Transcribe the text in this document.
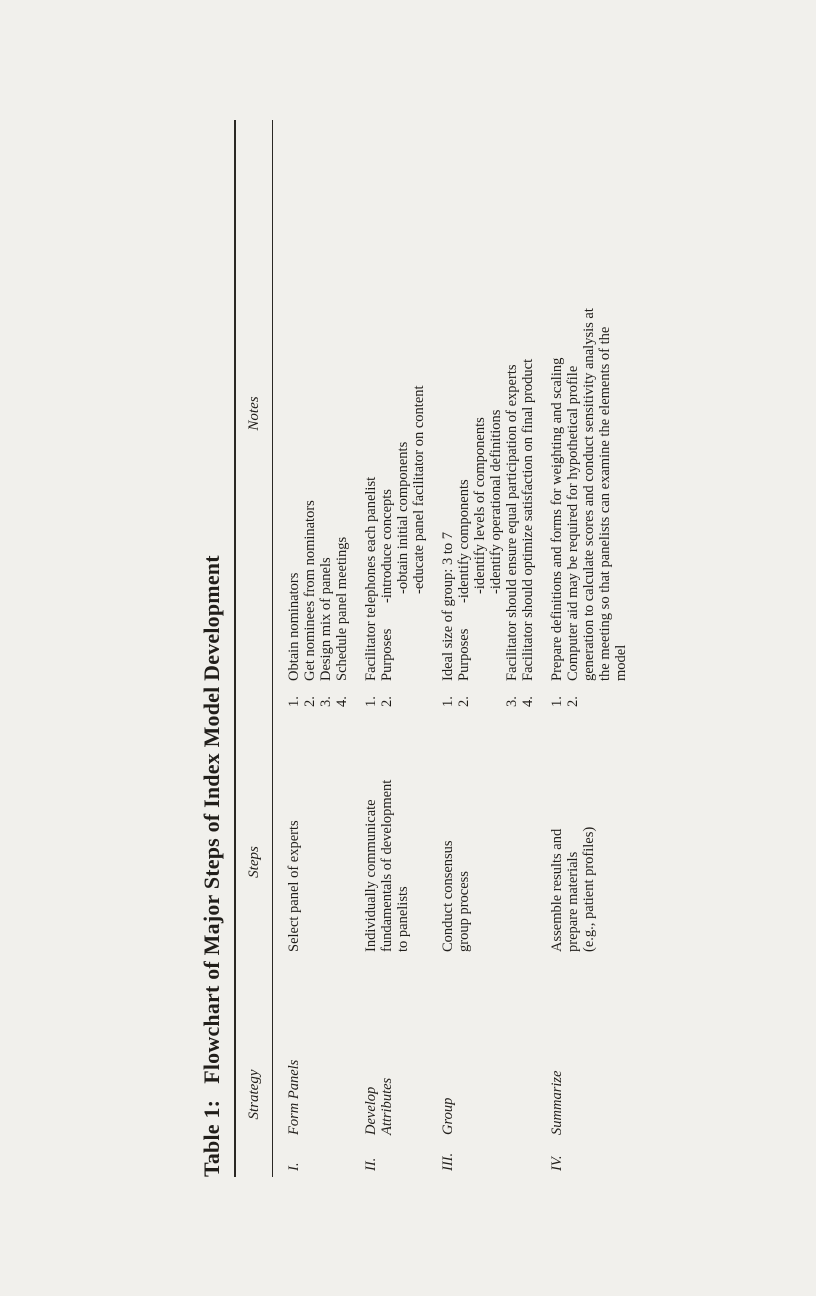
Table 1:
Flowchart of Major Steps of Index Model Development
Strategy
Steps
Notes
I.
Form Panels
Select panel of experts
1.
Obtain nominators
2.
Get nominees from nominators
3.
Design mix of panels
4.
Schedule panel meetings
II.
Develop Attributes
Individually communicate fundamentals of development to panelists
1.
Facilitator telephones each panelist
2.
Purposes
-introduce concepts -obtain initial components -educate panel facilitator on content
III.
Group
Conduct consensus group process
1.
Ideal size of group: 3 to 7
2.
Purposes
-identify components -identify levels of components -identify operational definitions
3.
Facilitator should ensure equal participation of experts
4.
Facilitator should optimize satisfaction on final product
IV.
Summarize
Assemble results and prepare materials (e.g., patient profiles)
1.
Prepare definitions and forms for weighting and scaling
2.
Computer aid may be required for hypothetical profile generation to calculate scores and conduct sensitivity analysis at the meeting so that panelists can examine the elements of the model
